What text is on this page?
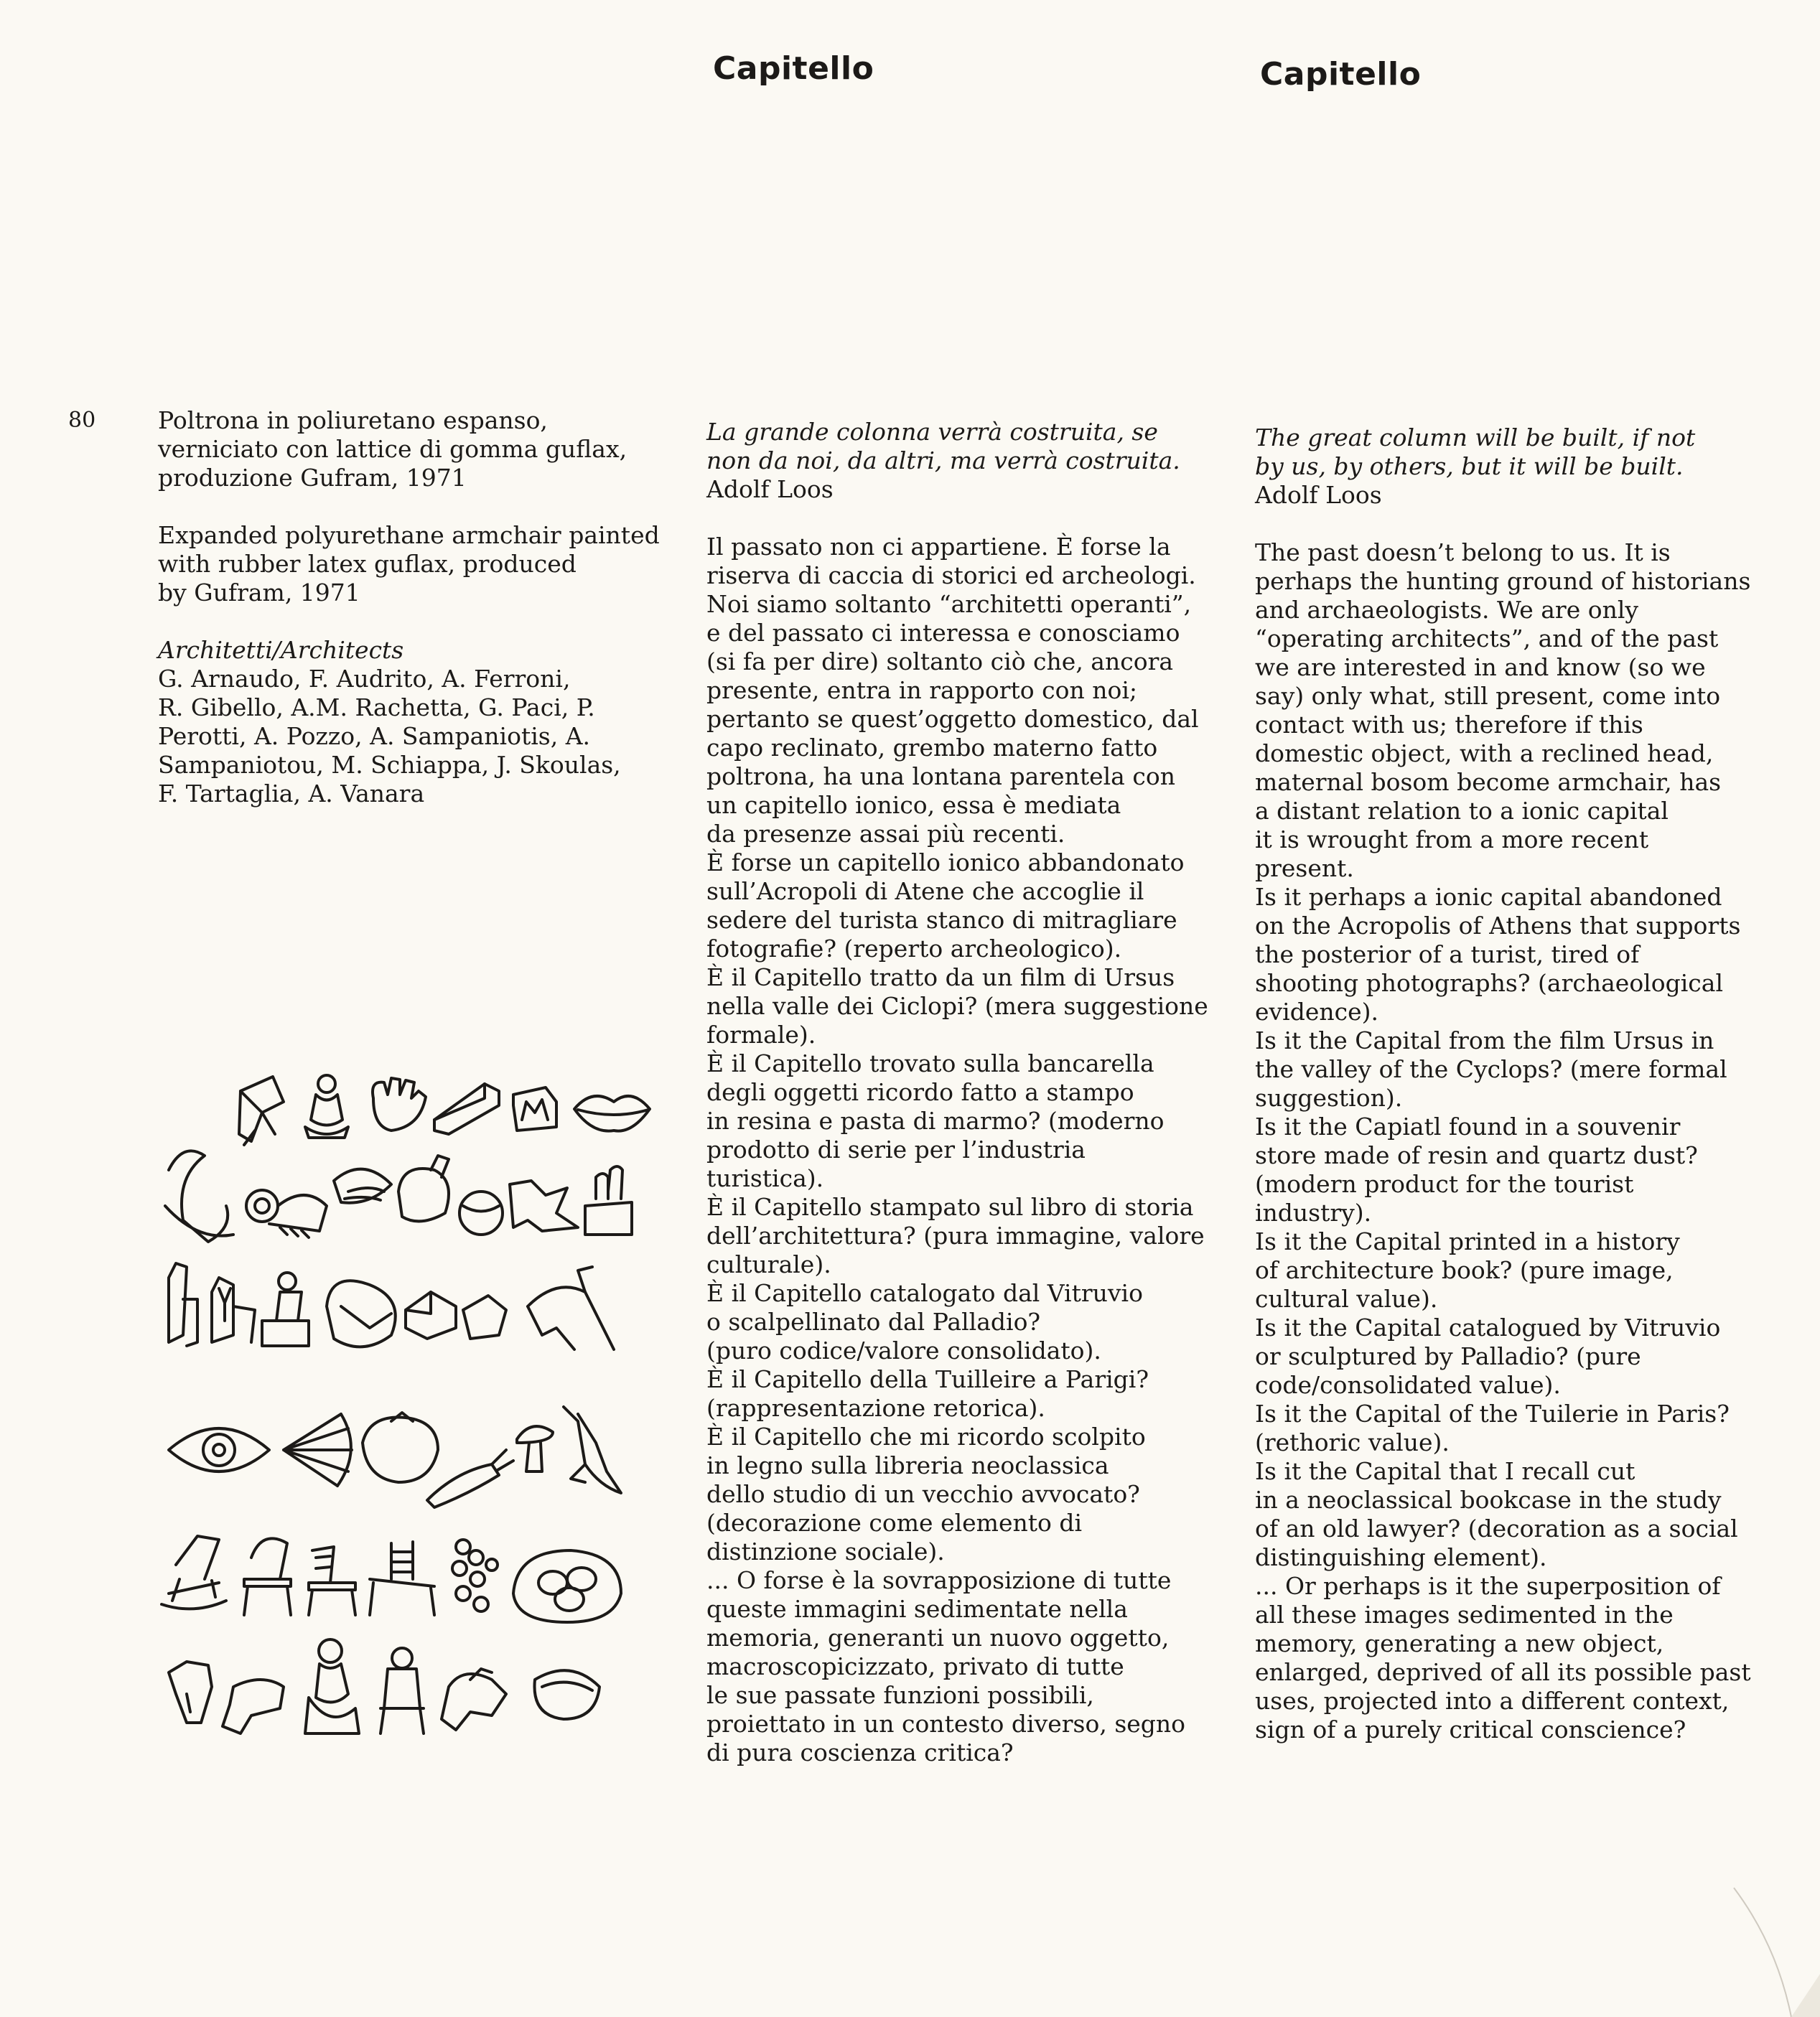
Capitello	Capitello
80	Poltrona in poliuretano espanso,
verniciato con lattice di gomma guflax,
produzione Gufram, 1971
Expanded polyurethane armchair painted
with rubber latex guflax, produced
by Gufram, 1971
Architetti/Architects
G. Arnaudo, F. Audrito, A. Ferroni,
R. Gibello, A.M. Rachetta, G. Paci, P.
Perotti, A. Pozzo, A. Sampaniotis, A.
Sampaniotou, M. Schiappa, J. Skoulas,
F. Tartaglia, A. Vanara
La grande colonna verrà costruita, se
non da noi, da altri, ma verrà costruita.
Adolf Loos
Il passato non ci appartiene. È forse la
riserva di caccia di storici ed archeologi.
Noi siamo soltanto “architetti operanti”,
e del passato ci interessa e conosciamo
(si fa per dire) soltanto ciò che, ancora
presente, entra in rapporto con noi;
pertanto se quest’oggetto domestico, dal
capo reclinato, grembo materno fatto
poltrona, ha una lontana parentela con
un capitello ionico, essa è mediata
da presenze assai più recenti.
È forse un capitello ionico abbandonato
sull’Acropoli di Atene che accoglie il
sedere del turista stanco di mitragliare
fotografie? (reperto archeologico).
È il Capitello tratto da un film di Ursus
nella valle dei Ciclopi? (mera suggestione
formale).
È il Capitello trovato sulla bancarella
degli oggetti ricordo fatto a stampo
in resina e pasta di marmo? (moderno
prodotto di serie per l’industria
turistica).
È il Capitello stampato sul libro di storia
dell’architettura? (pura immagine, valore
culturale).
È il Capitello catalogato dal Vitruvio
o scalpellinato dal Palladio?
(puro codice/valore consolidato).
È il Capitello della Tuilleire a Parigi?
(rappresentazione retorica).
È il Capitello che mi ricordo scolpito
in legno sulla libreria neoclassica
dello studio di un vecchio avvocato?
(decorazione come elemento di
distinzione sociale).
... O forse è la sovrapposizione di tutte
queste immagini sedimentate nella
memoria, generanti un nuovo oggetto,
macroscopicizzato, privato di tutte
le sue passate funzioni possibili,
proiettato in un contesto diverso, segno
di pura coscienza critica?
The great column will be built, if not
by us, by others, but it will be built.
Adolf Loos
The past doesn’t belong to us. It is
perhaps the hunting ground of historians
and archaeologists. We are only
“operating architects”, and of the past
we are interested in and know (so we
say) only what, still present, come into
contact with us; therefore if this
domestic object, with a reclined head,
maternal bosom become armchair, has
a distant relation to a ionic capital
it is wrought from a more recent
present.
Is it perhaps a ionic capital abandoned
on the Acropolis of Athens that supports
the posterior of a turist, tired of
shooting photographs? (archaeological
evidence).
Is it the Capital from the film Ursus in
the valley of the Cyclops? (mere formal
suggestion).
Is it the Capiatl found in a souvenir
store made of resin and quartz dust?
(modern product for the tourist
industry).
Is it the Capital printed in a history
of architecture book? (pure image,
cultural value).
Is it the Capital catalogued by Vitruvio
or sculptured by Palladio? (pure
code/consolidated value).
Is it the Capital of the Tuilerie in Paris?
(rethoric value).
Is it the Capital that I recall cut
in a neoclassical bookcase in the study
of an old lawyer? (decoration as a social
distinguishing element).
... Or perhaps is it the superposition of
all these images sedimented in the
memory, generating a new object,
enlarged, deprived of all its possible past
uses, projected into a different context,
sign of a purely critical conscience?
